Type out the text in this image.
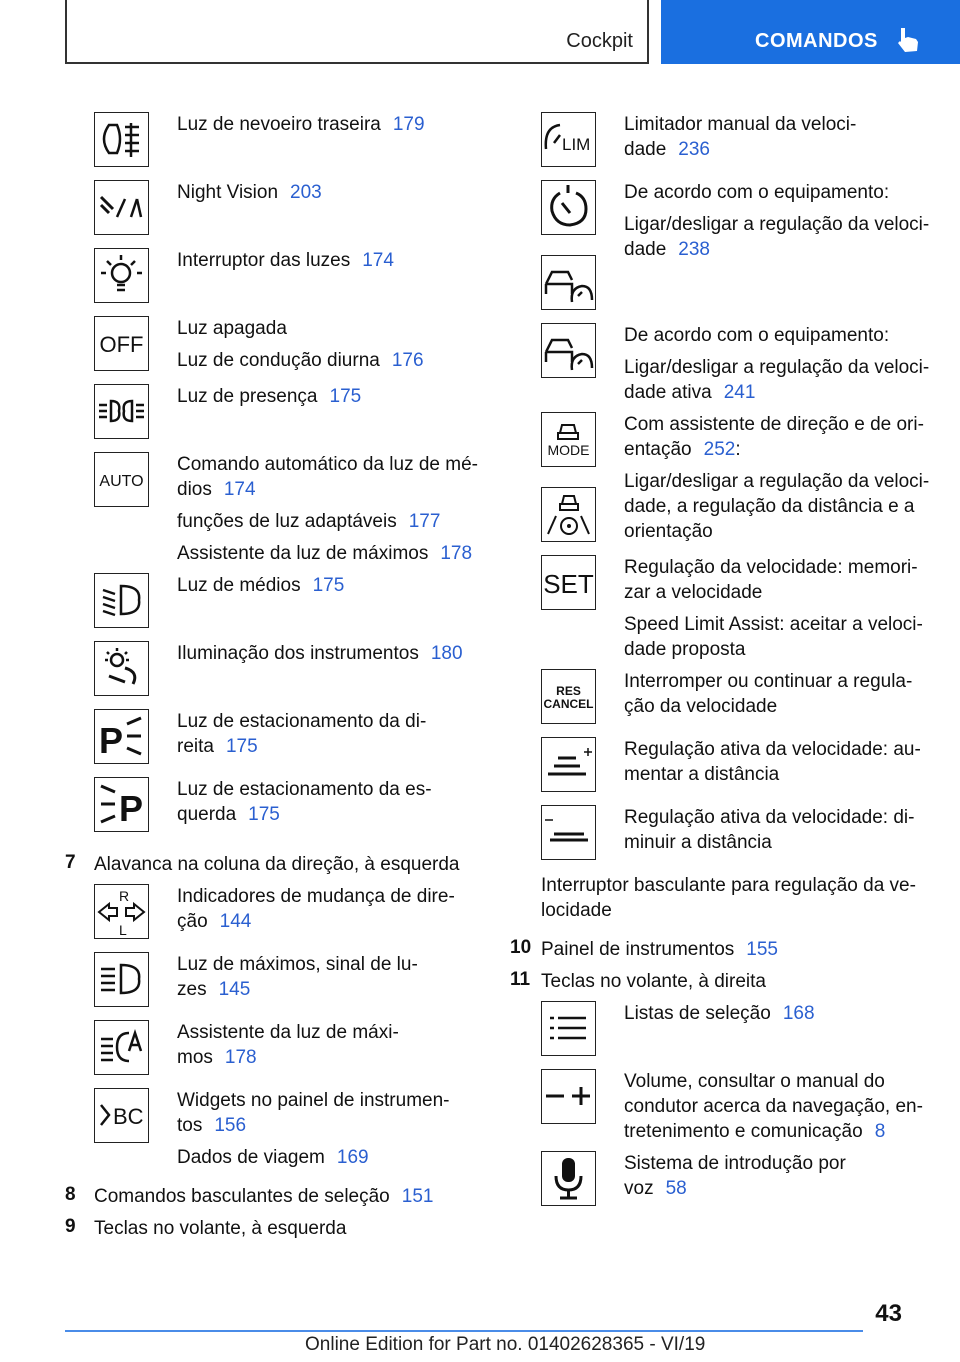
Cockpit	COMANDOS
Luz de nevoeiro traseira 179
Night Vision 203
Interruptor das luzes 174
OFF
Luz apagada
Luz de condução diurna 176
Luz de presença 175
AUTO
Comando automático da luz de mé-
dios 174
funções de luz adaptáveis 177
Assistente da luz de máximos 178
Luz de médios 175
Iluminação dos instrumentos 180
P	Luz de estacionamento da di-
reita 175
P Luz de estacionamento da es-
querda 175
7 Alavanca na coluna da direção, à esquerda
R
L
Indicadores de mudança de dire-
ção 144
Luz de máximos, sinal de lu-
zes 145
Assistente da luz de máxi-
mos 178
BC
Widgets no painel de instrumen-
tos 156
Dados de viagem 169
8 Comandos basculantes de seleção 151
9 Teclas no volante, à esquerda
LIM
Limitador manual da veloci-
dade 236
De acordo com o equipamento:
Ligar/desligar a regulação da veloci-
dade 238
De acordo com o equipamento:
Ligar/desligar a regulação da veloci-
dade ativa 241
MODE
Com assistente de direção e de ori-
entação 252:
Ligar/desligar a regulação da veloci-
dade, a regulação da distância e a
orientação
SET
Regulação da velocidade: memori-
zar a velocidade
Speed Limit Assist: aceitar a veloci-
dade proposta
RES
CANCEL
Interromper ou continuar a regula-
ção da velocidade
Regulação ativa da velocidade: au-
mentar a distância
Regulação ativa da velocidade: di-
minuir a distância
Interruptor basculante para regulação da ve-
locidade
10 Painel de instrumentos 155
11 Teclas no volante, à direita
Listas de seleção 168
Volume, consultar o manual do
condutor acerca da navegação, en-
tretenimento e comunicação 8
Sistema de introdução por
voz 58
43
Online Edition for Part no. 01402628365 - VI/19
